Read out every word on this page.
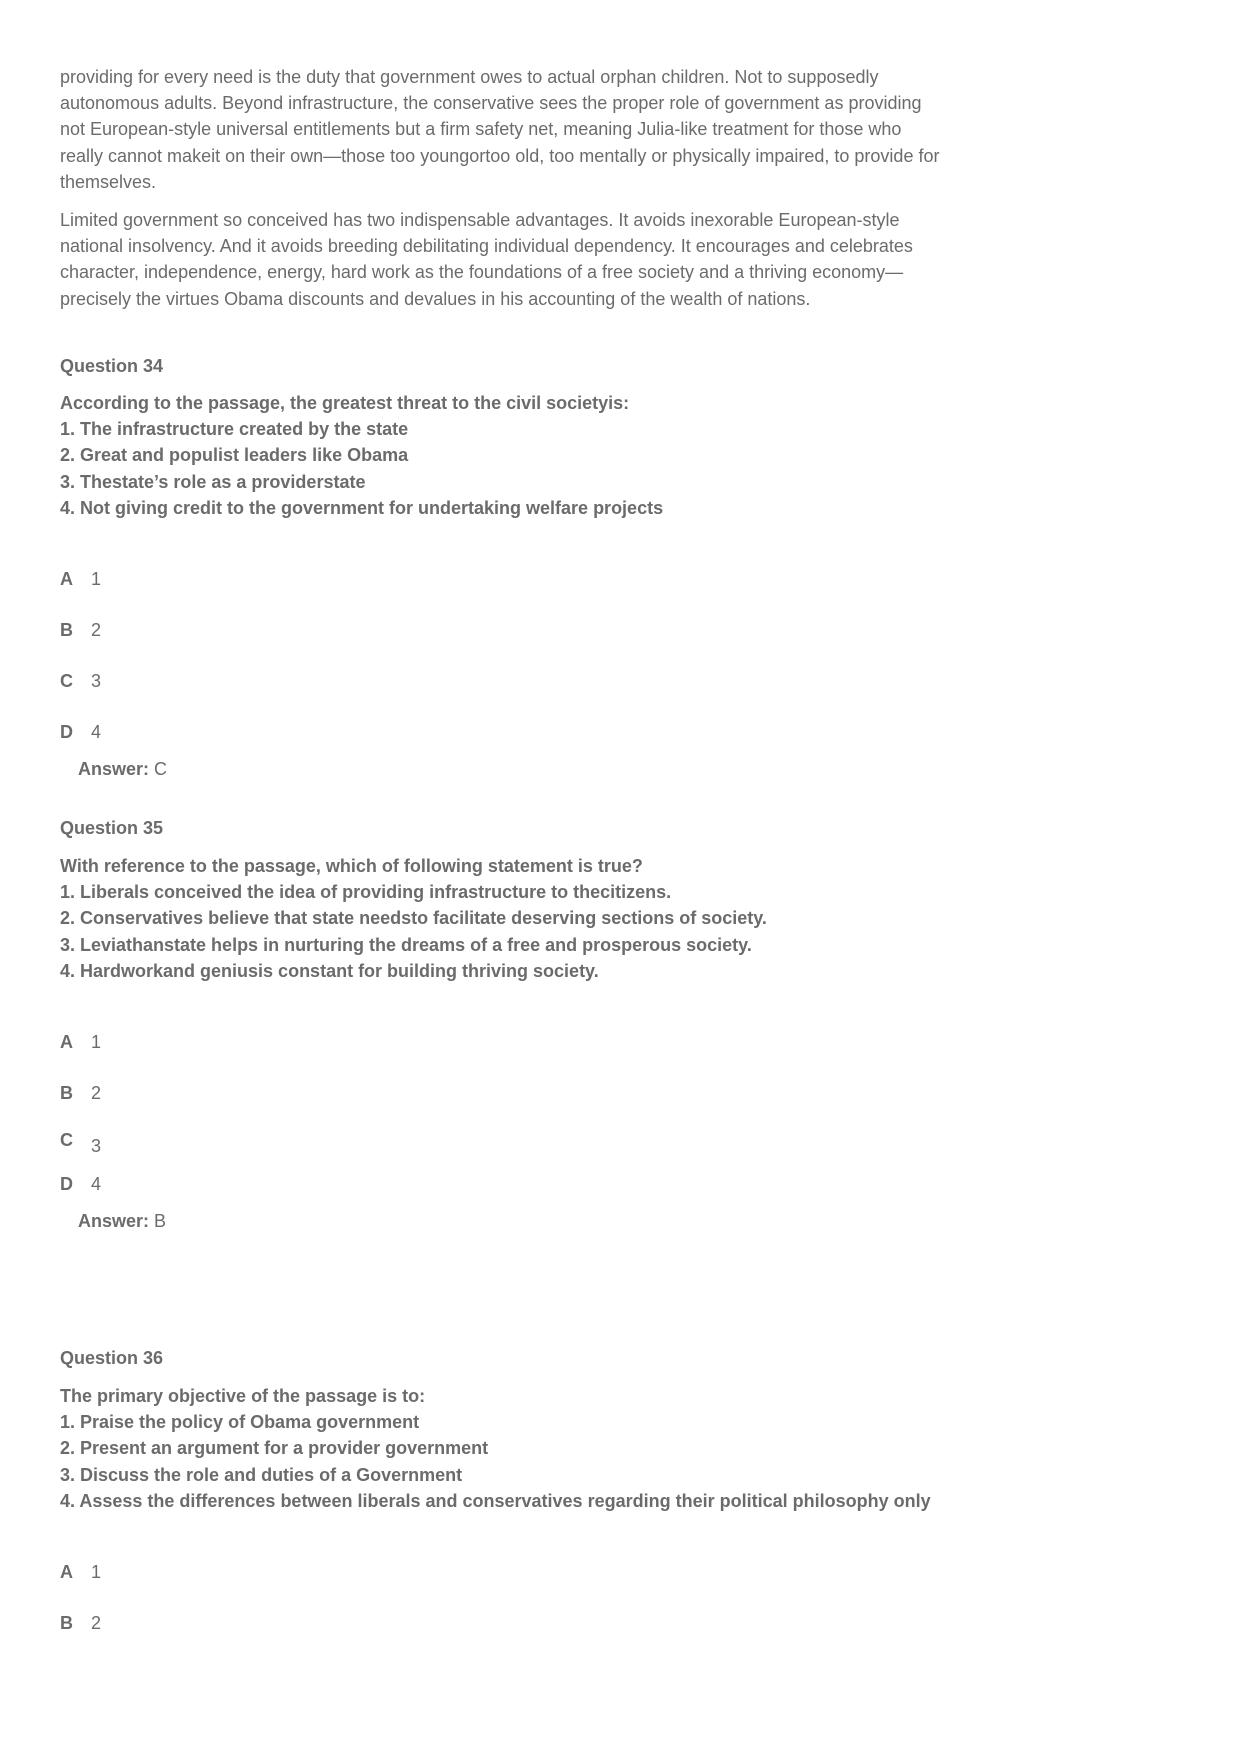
providing for every need is the duty that government owes to actual orphan children. Not to supposedly autonomous adults. Beyond infrastructure, the conservative sees the proper role of government as providing not European-style universal entitlements but a firm safety net, meaning Julia-like treatment for those who really cannot makeit on their own—those too youngortoo old, too mentally or physically impaired, to provide for themselves.

Limited government so conceived has two indispensable advantages. It avoids inexorable European-style national insolvency. And it avoids breeding debilitating individual dependency. It encourages and celebrates character, independence, energy, hard work as the foundations of a free society and a thriving economy—precisely the virtues Obama discounts and devalues in his accounting of the wealth of nations.

Question 34

According to the passage, the greatest threat to the civil societyis:

1. The infrastructure created by the state

2. Great and populist leaders like Obama

3. Thestate’s role as a providerstate

4. Not giving credit to the government for undertaking welfare projects

A 1
B 2
C 3
D 4
Answer: C

Question 35

With reference to the passage, which of following statement is true?

1. Liberals conceived the idea of providing infrastructure to thecitizens.

2. Conservatives believe that state needsto facilitate deserving sections of society.

3. Leviathanstate helps in nurturing the dreams of a free and prosperous society.

4. Hardworkand geniusis constant for building thriving society.

A 1
B 2
C 3
D 4
Answer: B

Question 36

The primary objective of the passage is to:

1. Praise the policy of Obama government

2. Present an argument for a provider government

3. Discuss the role and duties of a Government

4. Assess the differences between liberals and conservatives regarding their political philosophy only

A 1
B 2
